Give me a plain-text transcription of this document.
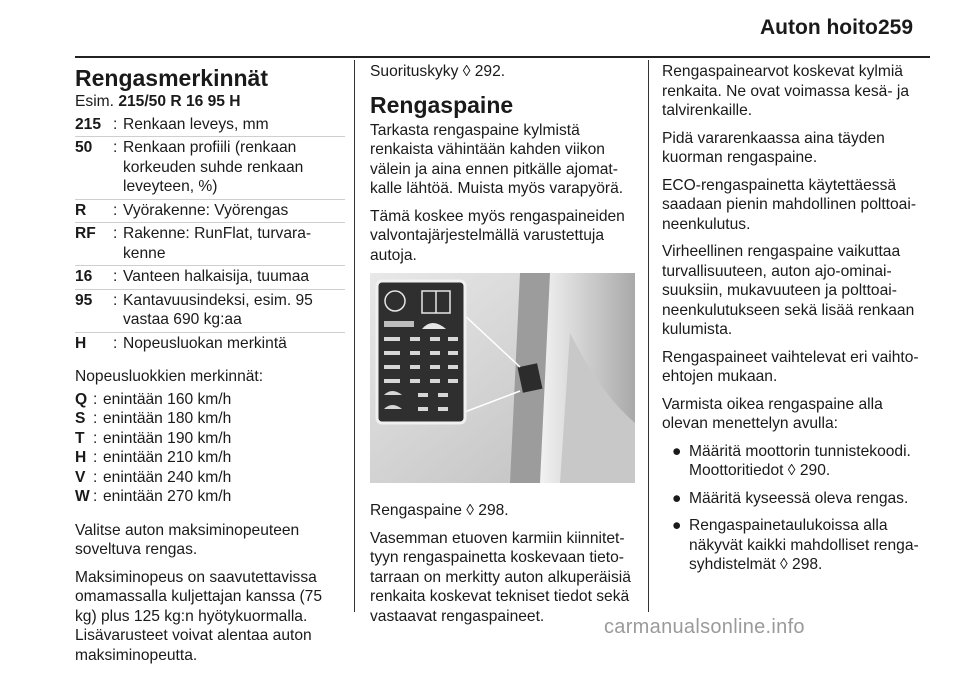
Auton hoito 259
Rengasmerkinnät

Esim. 215/50 R 16 95 H

215 : Renkaan leveys, mm
50	: Renkaan profiili (renkaan korkeuden suhde renkaan leveyteen, %)
R	: Vyörakenne: Vyörengas
RF	: Rakenne: RunFlat, turvarakenne
16	: Vanteen halkaisija, tuumaa
95	: Kantavuusindeksi, esim. 95 vastaa 690 kg:aa
H	: Nopeusluokan merkintä

Nopeusluokkien merkinnät:

Q : enintään 160 km/h
S : enintään 180 km/h
T : enintään 190 km/h
H : enintään 210 km/h
V : enintään 240 km/h
W : enintään 270 km/h

Valitse auton maksiminopeuteen soveltuva rengas.

Maksiminopeus on saavutettavissa omamassalla kuljettajan kanssa (75 kg) plus 125 kg:n hyötykuormalla. Lisävarusteet voivat alentaa auton maksiminopeutta.

Suorituskyky ◊ 292.

Rengaspaine

Tarkasta rengaspaine kylmistä renkaista vähintään kahden viikon välein ja aina ennen pitkälle ajomatkalle lähtöä. Muista myös varapyörä.

Tämä koskee myös rengaspaineiden valvontajärjestelmällä varustettuja autoja.

Rengaspaine ◊ 298.

Vasemman etuoven karmiin kiinnitettyyn rengaspainetta koskevaan tietotarraan on merkitty auton alkuperäisiä renkaita koskevat tekniset tiedot sekä vastaavat rengaspaineet.

Rengaspainearvot koskevat kylmiä renkaita. Ne ovat voimassa kesä- ja talvirenkaille.

Pidä vararenkaassa aina täyden kuorman rengaspaine.

ECO-rengaspainetta käytettäessä saadaan pienin mahdollinen polttoaineenkulutus.

Virheellinen rengaspaine vaikuttaa turvallisuuteen, auton ajo-ominaisuuksiin, mukavuuteen ja polttoaineenkulutukseen sekä lisää renkaan kulumista.

Rengaspaineet vaihtelevat eri vaihtoehtojen mukaan.

Varmista oikea rengaspaine alla olevan menettelyn avulla:

● Määritä moottorin tunnistekoodi. Moottoritiedot ◊ 290.
● Määritä kyseessä oleva rengas.
● Rengaspainetaulukoissa alla näkyvät kaikki mahdolliset rengasyhdistelmät ◊ 298.
carmanualsonline.info
